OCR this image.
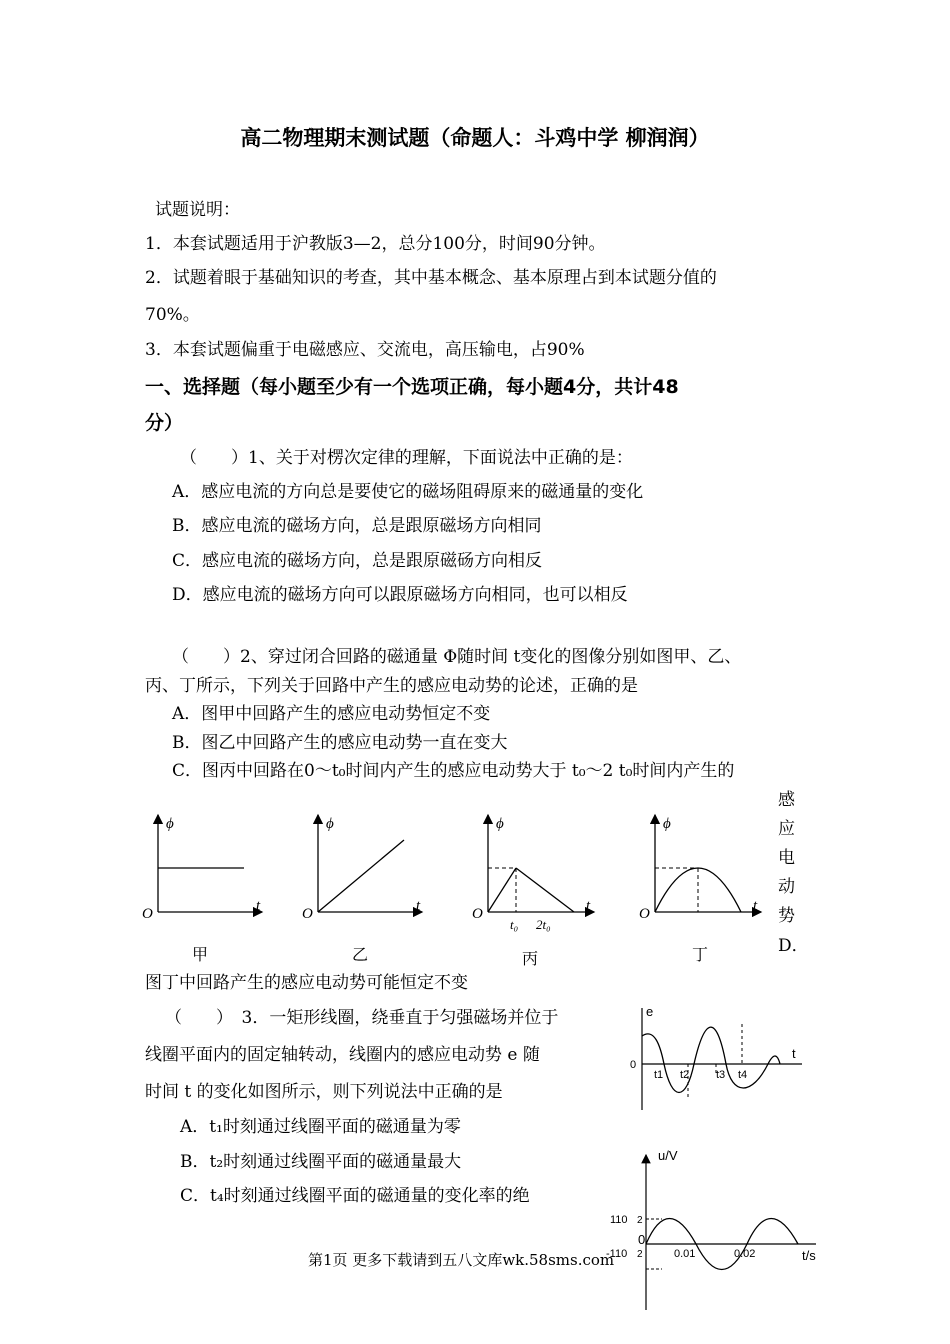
高二物理期末测试题（命题人：斗鸡中学 柳润润）
试题说明：
1．本套试题适用于沪教版3—2，总分100分，时间90分钟。
2．试题着眼于基础知识的考查，其中基本概念、基本原理占到本试题分值的
70%。
3．本套试题偏重于电磁感应、交流电，高压输电，占90%
一、选择题（每小题至少有一个选项正确，每小题4分，共计48
分）
（　　）1、关于对楞次定律的理解，下面说法中正确的是：
A．感应电流的方向总是要使它的磁场阻碍原来的磁通量的变化
B．感应电流的磁场方向，总是跟原磁场方向相同
C．感应电流的磁场方向，总是跟原磁砀方向相反
D．感应电流的磁场方向可以跟原磁场方向相同，也可以相反
（　　）2、穿过闭合回路的磁通量 Φ随时间 t变化的图像分别如图甲、乙、
丙、丁所示，下列关于回路中产生的感应电动势的论述，正确的是
A．图甲中回路产生的感应电动势恒定不变
B．图乙中回路产生的感应电动势一直在变大
C．图丙中回路在0～t₀时间内产生的感应电动势大于 t₀～2 t₀时间内产生的
感
应
电
动
势
D．
图丁中回路产生的感应电动势可能恒定不变
ϕ
t
O
甲
ϕ
t
O
乙
ϕ
t
O
t₀ 2t₀
丙
ϕ
t
O
丁
（　　）　3．一矩形线圈，绕垂直于匀强磁场并位于
线圈平面内的固定轴转动，线圈内的感应电动势 e 随
时间 t 的变化如图所示，则下列说法中正确的是
A．t₁时刻通过线圈平面的磁通量为零
B．t₂时刻通过线圈平面的磁通量最大
C．t₄时刻通过线圈平面的磁通量的变化率的绝
e
t
0
t1 t2 t3 t4
u/V
t/s
0
110 2
-110 2	0.01	0.02
第1页 更多下载请到五八文库wk.58sms.com
